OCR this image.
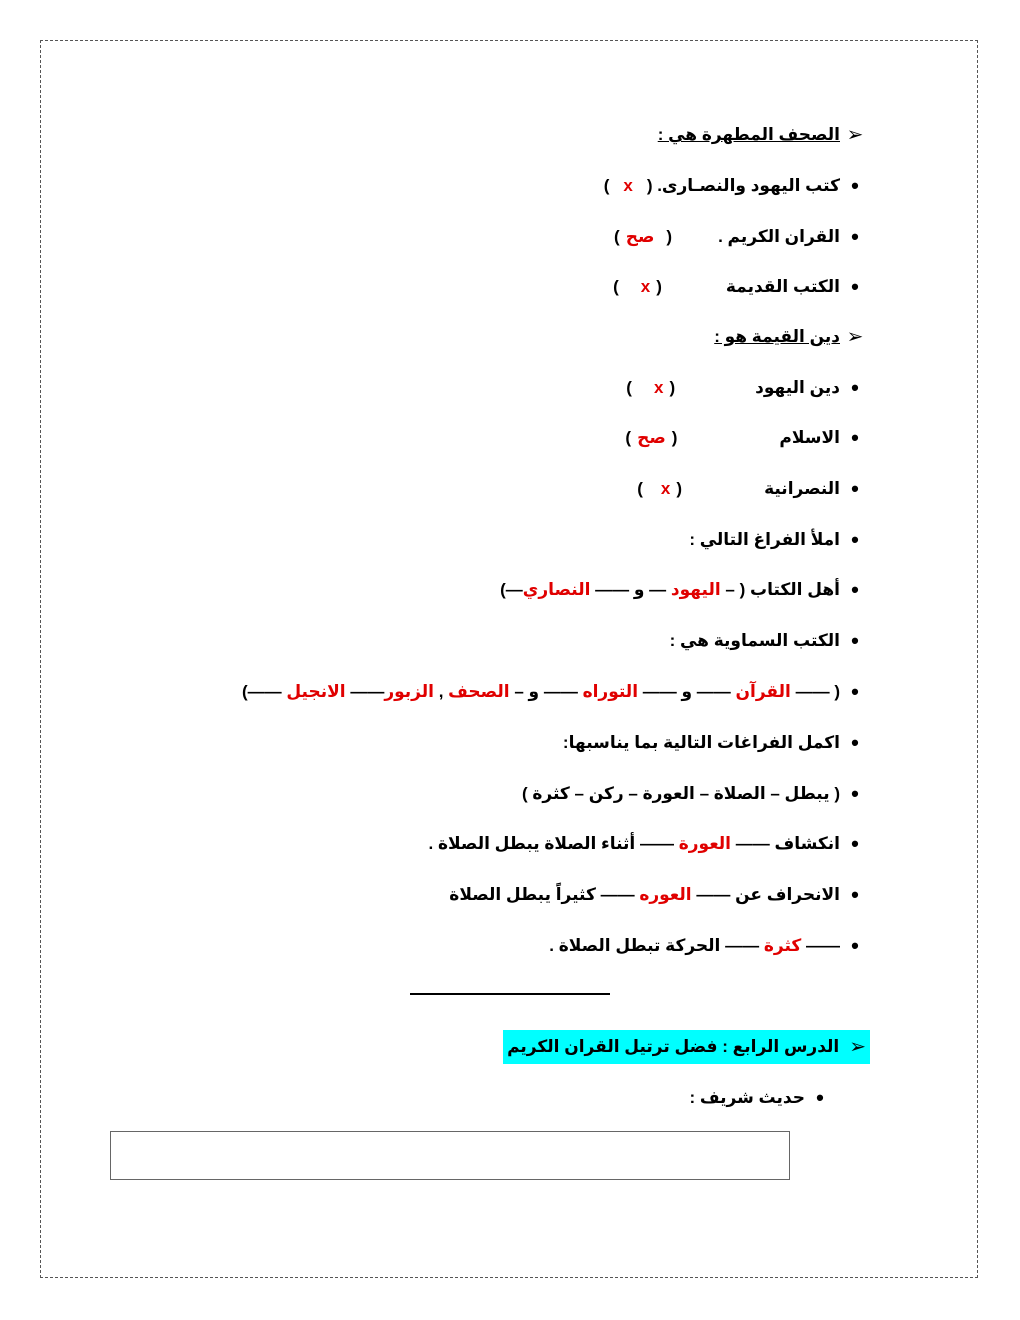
➢
الصحف المطهرة هي :
•
كتب اليهود والنصـارى. (
x
)
•
القران الكريم .
(
صح
)
•
الكتب القديمة
(
x
)
➢
دين القيمة هو :
•
دين اليهود
(
x
)
•
الاسلام
(
صح
)
•
النصرانية
(
x
)
•
املأ الفراغ التالي :
•
أهل الكتاب ( –

اليهود

— و ——

النصاري
—)
•
الكتب السماوية هي :
•
( ——

القرآن

—— و ——

التوراه

—— و –

الصحف

,

الزبور
——

الانجيل

——)
•
اكمل الفراغات التالية بما يناسبها:
•
( يبطل – الصلاة – العورة – ركن – كثرة )
•
انكشاف ——

العورة

—— أثناء الصلاة يبطل الصلاة .
•
الانحراف عن ——

العوره

—— كثيراً يبطل الصلاة
•
——

كثرة

—— الحركة تبطل الصلاة .
➢
الدرس الرابع : فضل ترتيل القران الكريم
•
حديث شريف :
